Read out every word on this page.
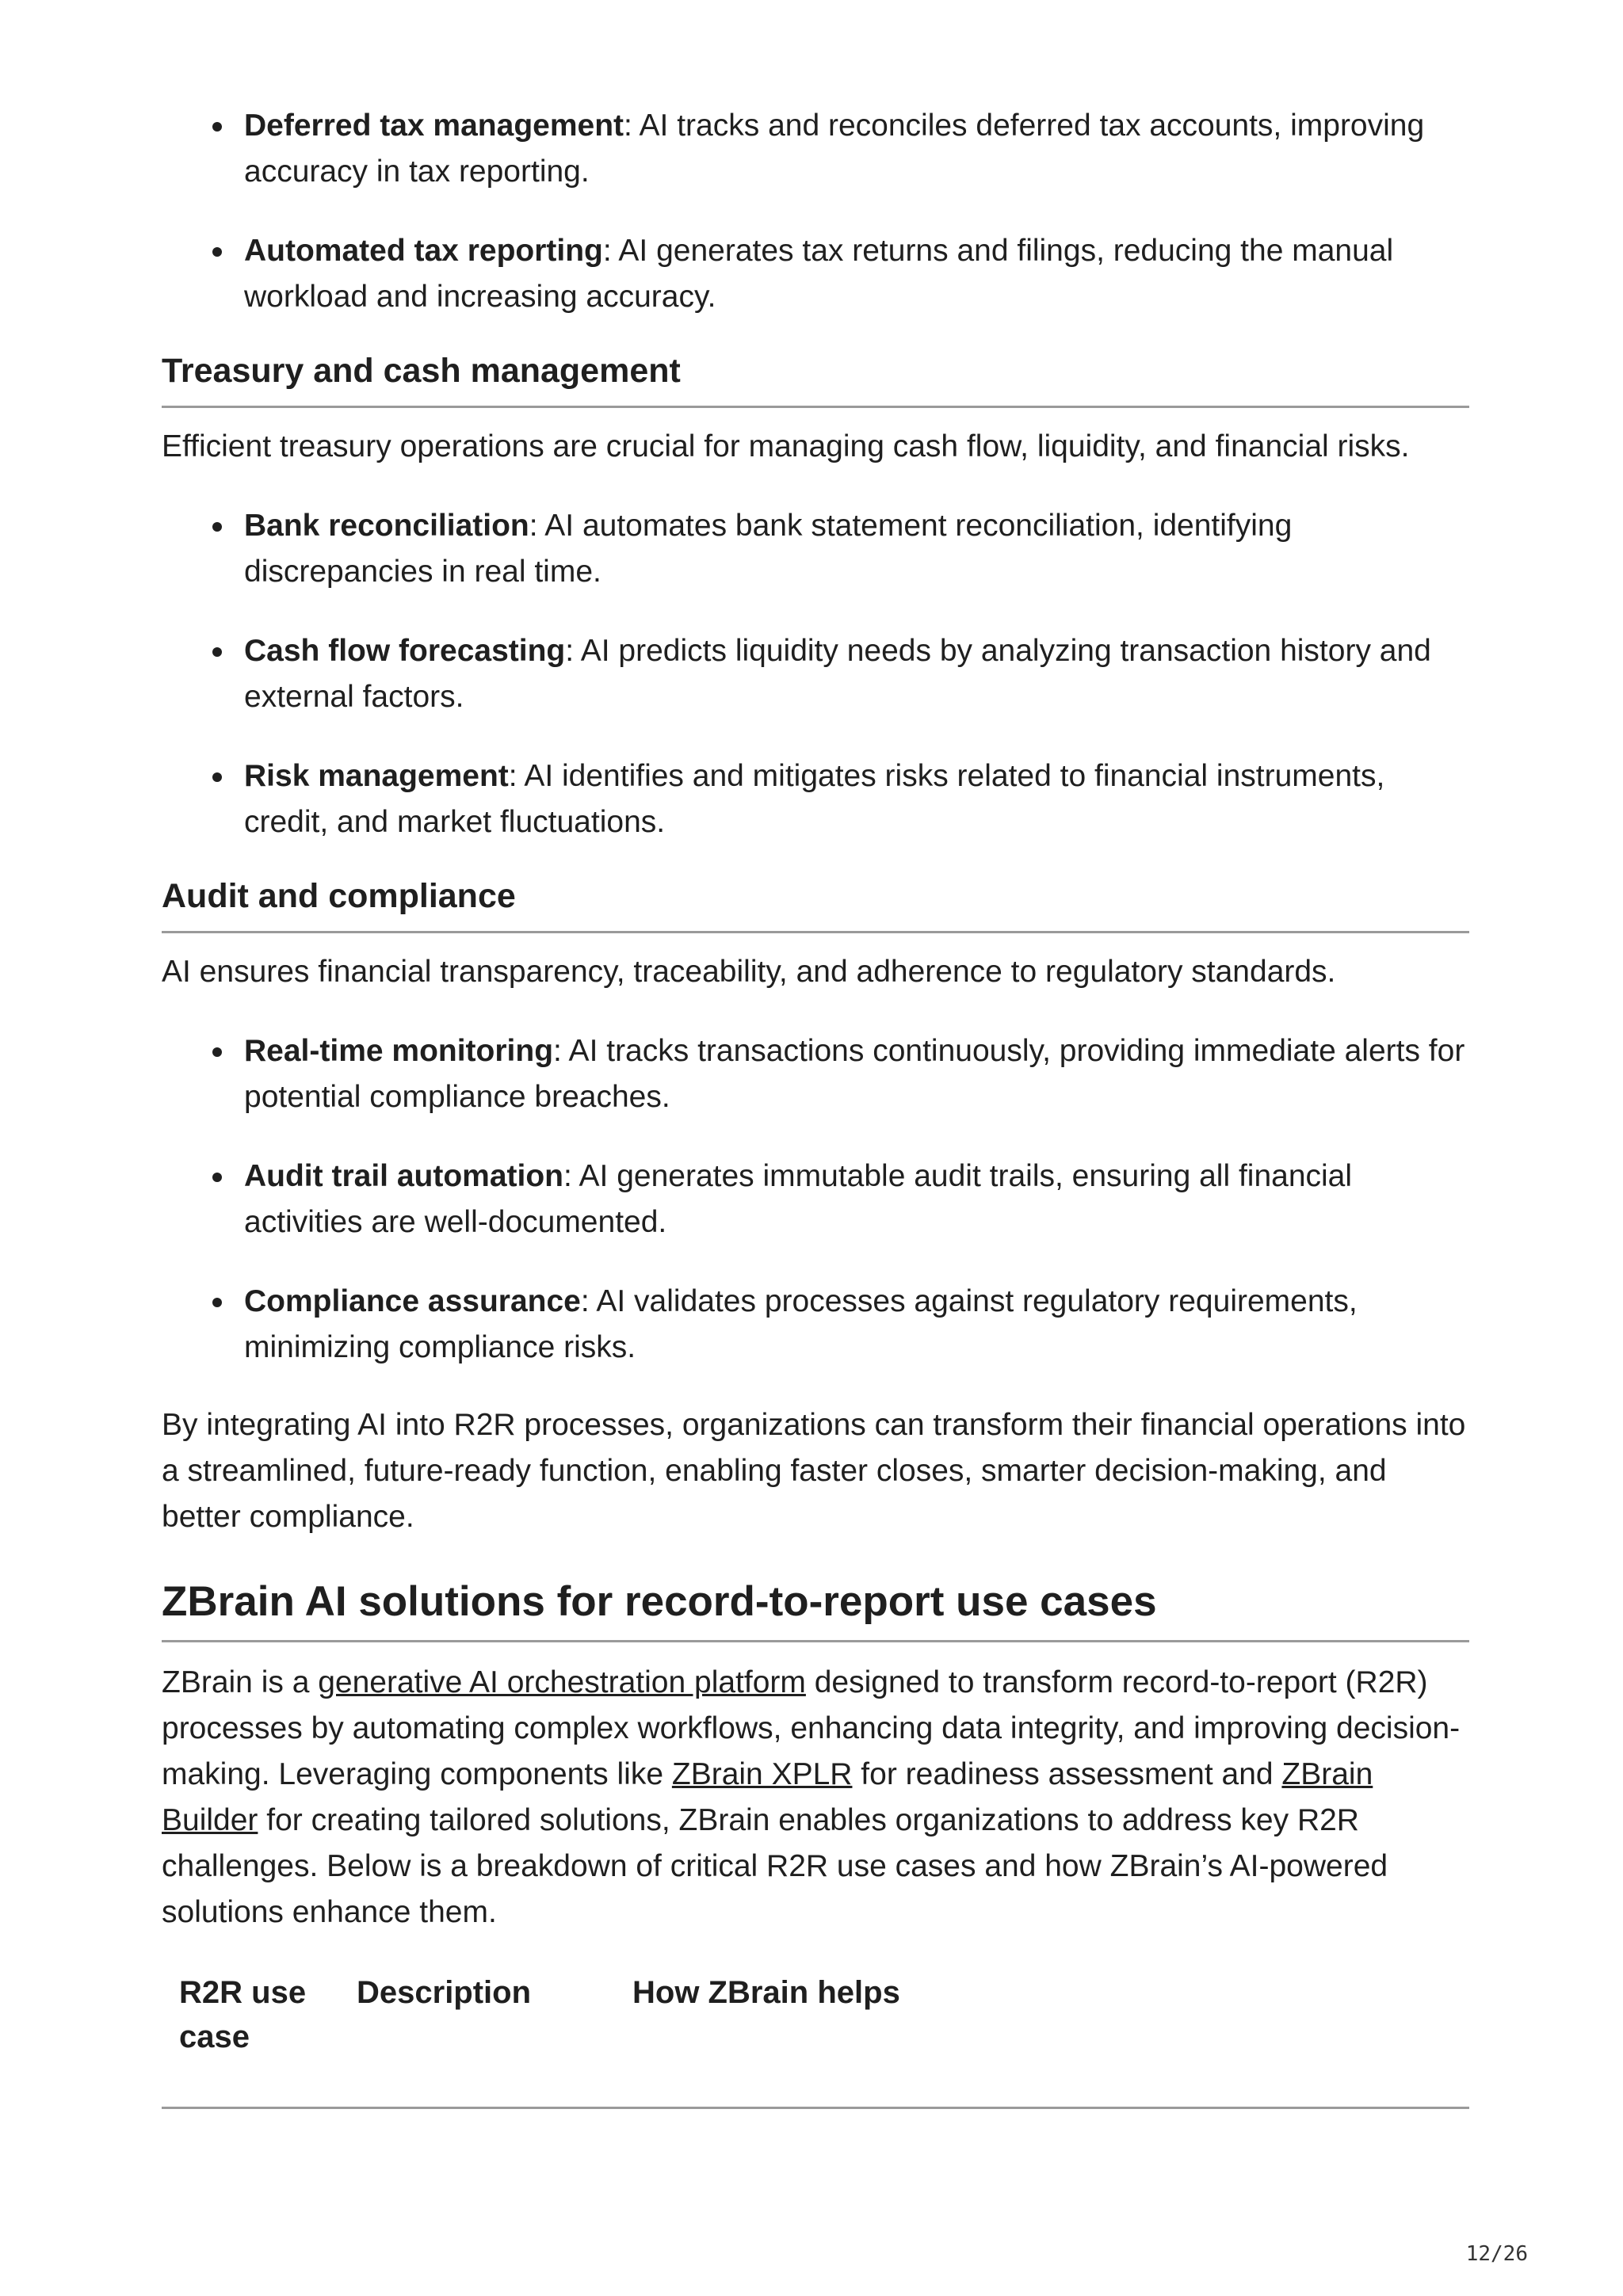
Deferred tax management: AI tracks and reconciles deferred tax accounts, improving accuracy in tax reporting.
Automated tax reporting: AI generates tax returns and filings, reducing the manual workload and increasing accuracy.
Treasury and cash management

Efficient treasury operations are crucial for managing cash flow, liquidity, and financial risks.

Bank reconciliation: AI automates bank statement reconciliation, identifying discrepancies in real time.
Cash flow forecasting: AI predicts liquidity needs by analyzing transaction history and external factors.
Risk management: AI identifies and mitigates risks related to financial instruments, credit, and market fluctuations.
Audit and compliance

AI ensures financial transparency, traceability, and adherence to regulatory standards.

Real-time monitoring: AI tracks transactions continuously, providing immediate alerts for potential compliance breaches.
Audit trail automation: AI generates immutable audit trails, ensuring all financial activities are well-documented.
Compliance assurance: AI validates processes against regulatory requirements, minimizing compliance risks.

By integrating AI into R2R processes, organizations can transform their financial operations into a streamlined, future-ready function, enabling faster closes, smarter decision-making, and better compliance.

ZBrain AI solutions for record-to-report use cases

ZBrain is a generative AI orchestration platform designed to transform record-to-report (R2R) processes by automating complex workflows, enhancing data integrity, and improving decision-making. Leveraging components like ZBrain XPLR for readiness assessment and ZBrain Builder for creating tailored solutions, ZBrain enables organizations to address key R2R challenges. Below is a breakdown of critical R2R use cases and how ZBrain’s AI-powered solutions enhance them.

R2R use case
Description	How ZBrain helps
12/26
